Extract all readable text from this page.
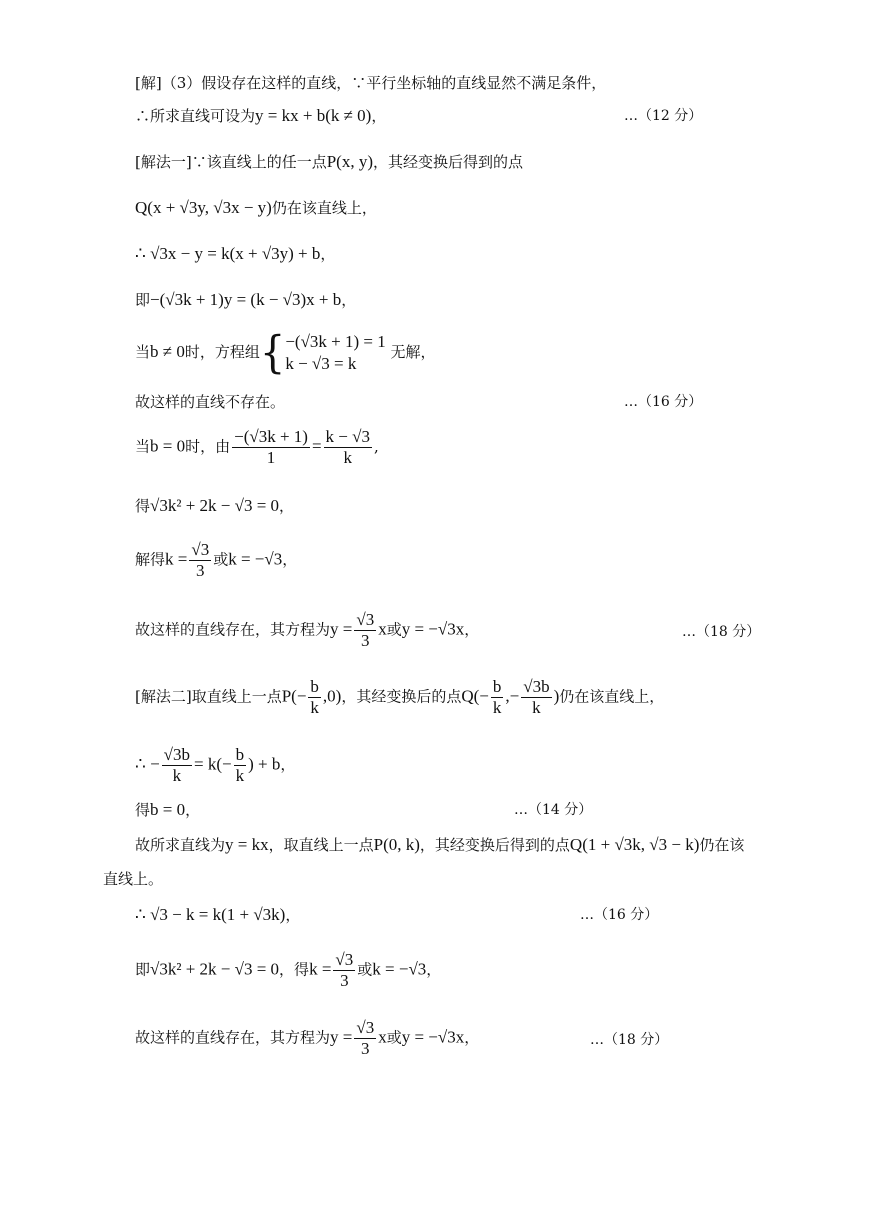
[解]（3）假设存在这样的直线，∵平行坐标轴的直线显然不满足条件，
∴所求直线可设为y = kx + b(k ≠ 0)，	…（12 分）
[解法一]∵该直线上的任一点P(x, y)，其经变换后得到的点
Q(x + √3y, √3x − y)仍在该直线上，
∴ √3x − y = k(x + √3y) + b，
即−(√3k + 1)y = (k − √3)x + b，
当b ≠ 0时，方程组{ −(√3k + 1) = 1
k − √3 = k
无解，
故这样的直线不存在。	…（16 分）
当b = 0时，由 $\frac{-(√3k + 1)}{1} = \frac{k - √3}{k}$ ,
得√3k² + 2k − √3 = 0，
解得$k = \frac{√3}{3}$ 或k = −√3，
故这样的直线存在，其方程为$y = \frac{√3}{3}$ x或y = −√3x，	…（18 分）
[解法二]取直线上一点$P(- \frac{b}{k} ,0)$，其经变换后的点$Q(- \frac{b}{k}$ ,− $\frac{√3b}{k}$ )仍在该直线上，
∴ − $\frac{√3b}{k} = k(- \frac{b}{k}$ ) + b，
得b = 0，	…（14 分）
故所求直线为y = kx，取直线上一点P(0, k)，其经变换后得到的点Q(1 + √3k, √3 − k)仍在该
直线上。
∴ √3 − k = k(1 + √3k)，	…（16 分）
即√3k² + 2k − √3 = 0，得$k = \frac{√3}{3}$ 或k = −√3，
故这样的直线存在，其方程为$y = \frac{√3}{3}$ x或y = −√3x，	…（18 分）
